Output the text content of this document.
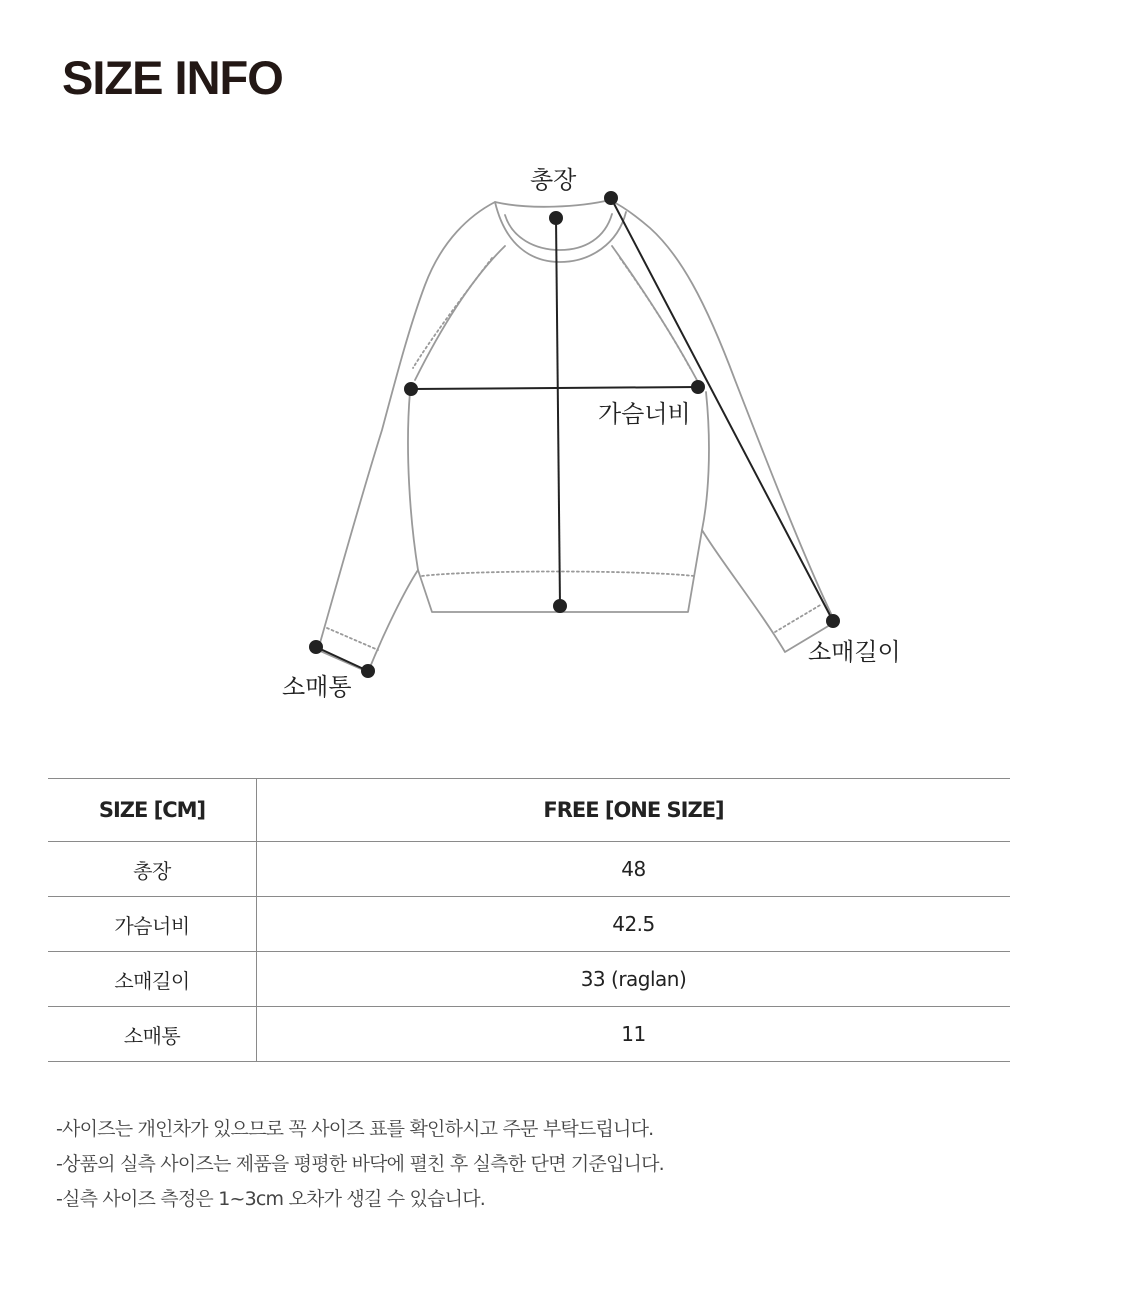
SIZE INFO
총장
가슴너비
소매길이
소매통
SIZE [CM]	FREE [ONE SIZE]
총장	48
가슴너비	42.5
소매길이	33 (raglan)
소매통	11

-사이즈는 개인차가 있으므로 꼭 사이즈 표를 확인하시고 주문 부탁드립니다.

-상품의 실측 사이즈는 제품을 평평한 바닥에 펼친 후 실측한 단면 기준입니다.

-실측 사이즈 측정은 1~3cm 오차가 생길 수 있습니다.
